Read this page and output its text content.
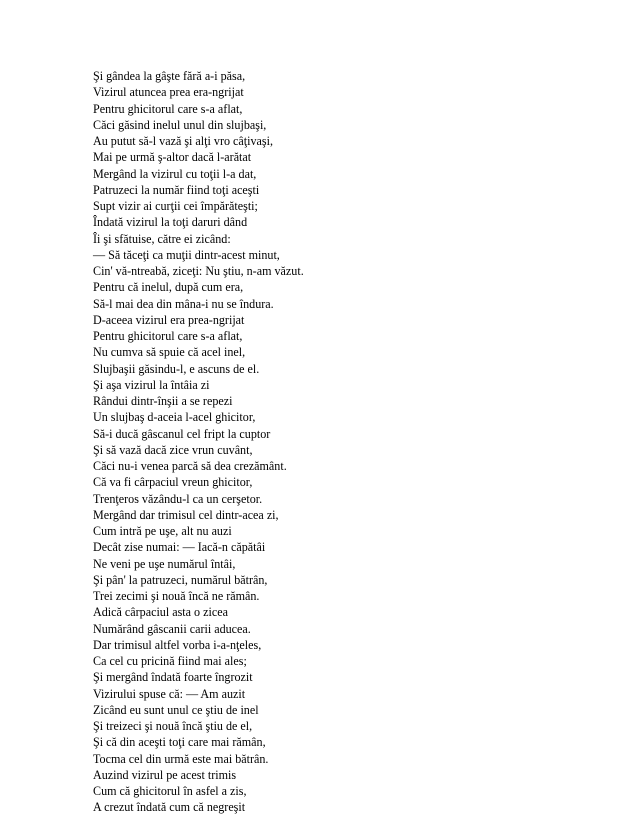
Şi gândea la gâşte fără a-i păsa,
Vizirul atuncea prea era-ngrijat
Pentru ghicitorul care s-a aflat,
Căci găsind inelul unul din slujbaşi,
Au putut să-l vază şi alţi vro câţivaşi,
Mai pe urmă ş-altor dacă l-arătat
Mergând la vizirul cu toţii l-a dat,
Patruzeci la număr fiind toţi aceşti
Supt vizir ai curţii cei împărăteşti;
Îndată vizirul la toţi daruri dând
Îi şi sfătuise, către ei zicând:
— Să tăceţi ca muţii dintr-acest minut,
Cin' vă-ntreabă, ziceţi: Nu ştiu, n-am văzut.
Pentru că inelul, după cum era,
Să-l mai dea din mâna-i nu se îndura.
D-aceea vizirul era prea-ngrijat
Pentru ghicitorul care s-a aflat,
Nu cumva să spuie că acel inel,
Slujbaşii găsindu-l, e ascuns de el.
Şi aşa vizirul la întâia zi
Rândui dintr-înşii a se repezi
Un slujbaş d-aceia l-acel ghicitor,
Să-i ducă gâscanul cel fript la cuptor
Şi să vază dacă zice vrun cuvânt,
Căci nu-i venea parcă să dea crezământ.
Că va fi cârpaciul vreun ghicitor,
Trenţeros văzându-l ca un cerşetor.
Mergând dar trimisul cel dintr-acea zi,
Cum intră pe uşe, alt nu auzi
Decât zise numai: — Iacă-n căpătâi
Ne veni pe uşe numărul întâi,
Şi pân' la patruzeci, numărul bătrân,
Trei zecimi şi nouă încă ne rămân.
Adică cârpaciul asta o zicea
Numărând gâscanii carii aducea.
Dar trimisul altfel vorba i-a-nţeles,
Ca cel cu pricină fiind mai ales;
Şi mergând îndată foarte îngrozit
Vizirului spuse că: — Am auzit
Zicând eu sunt unul ce ştiu de inel
Şi treizeci şi nouă încă ştiu de el,
Şi că din aceşti toţi care mai rămân,
Tocma cel din urmă este mai bătrân.
Auzind vizirul pe acest trimis
Cum că ghicitorul în asfel a zis,
A crezut îndată cum că negreşit
